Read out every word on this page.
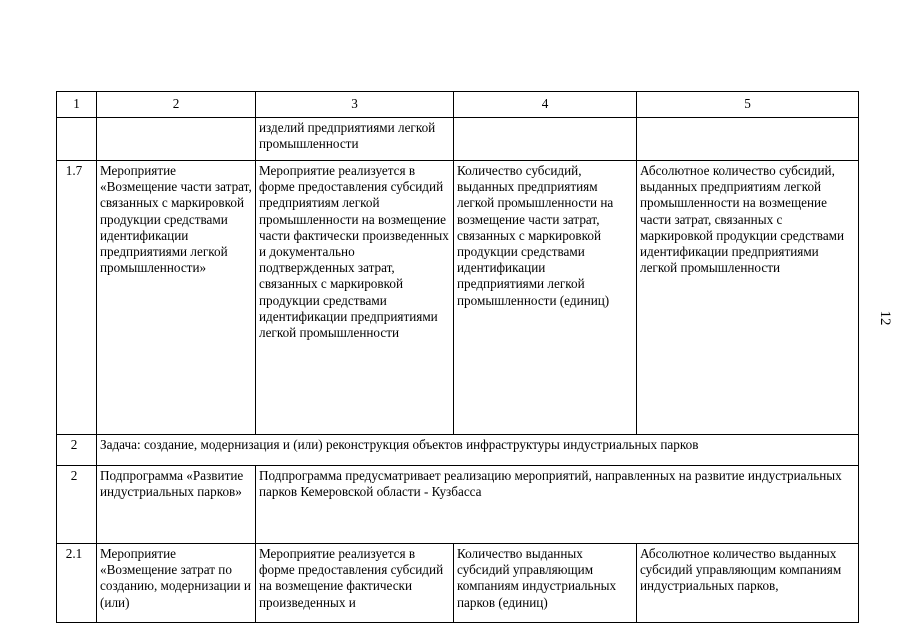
12
1	2	3	4	5
		изделий предприятиями легкой промышленности		
1.7	Мероприятие «Возмещение части затрат, связанных с маркировкой продукции средствами идентификации предприятиями легкой промышленности»	Мероприятие реализуется в форме предоставления субсидий предприятиям легкой промышленности на возмещение части фактически произведенных и документально подтвержденных затрат, связанных с маркировкой продукции средствами идентификации предприятиями легкой промышленности	Количество субсидий, выданных предприятиям легкой промышленности на возмещение части затрат, связанных с маркировкой продукции средствами идентификации предприятиями легкой промышленности (единиц)	Абсолютное количество субсидий, выданных предприятиям легкой промышленности на возмещение части затрат, связанных с маркировкой продукции средствами идентификации предприятиями легкой промышленности
2	Задача: создание, модернизация и (или) реконструкция объектов инфраструктуры индустриальных парков			
2	Подпрограмма «Развитие индустриальных парков»	Подпрограмма предусматривает реализацию мероприятий, направленных на развитие индустриальных парков Кемеровской области - Кузбасса		
2.1	Мероприятие «Возмещение затрат по созданию, модернизации и (или)	Мероприятие реализуется в форме предоставления субсидий на возмещение фактически произведенных и	Количество выданных субсидий управляющим компаниям индустриальных парков (единиц)	Абсолютное количество выданных субсидий управляющим компаниям индустриальных парков,
